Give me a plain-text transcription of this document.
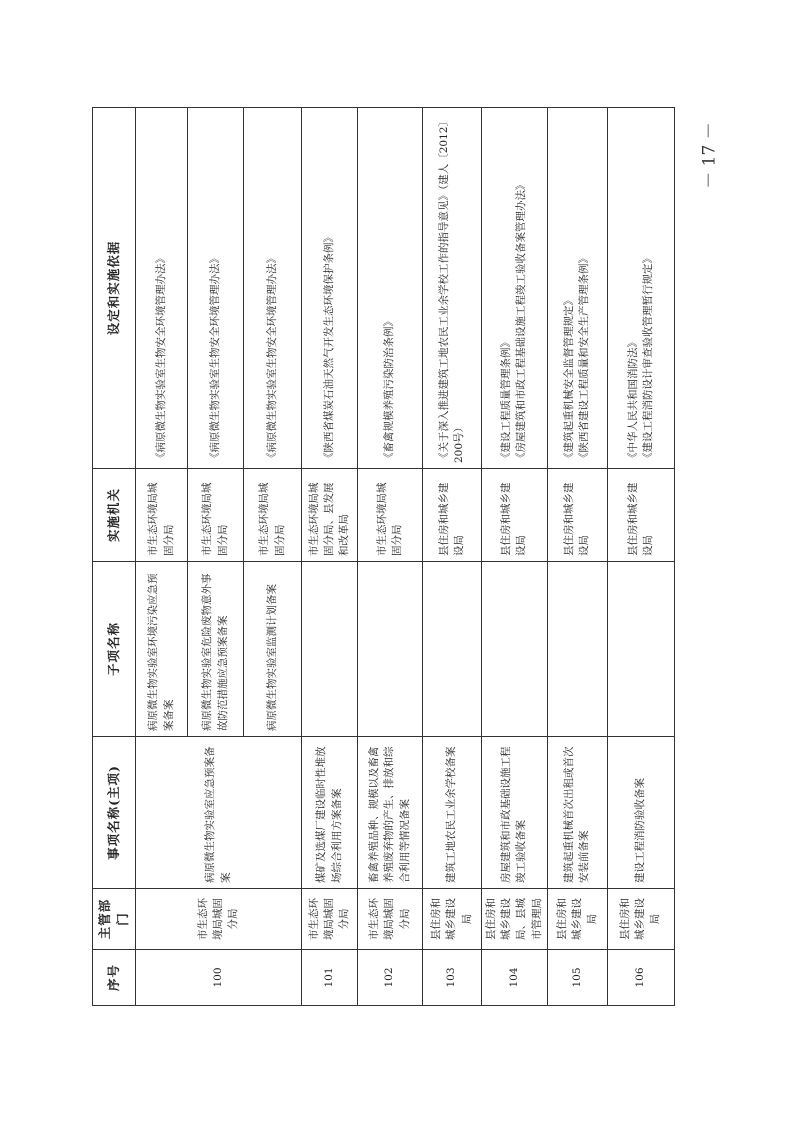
序号	主管部门	事项名称(主项)	子项名称	实施机关	设定和实施依据
100	市生态环境局城固分局	病原微生物实验室应急预案备案	病原微生物实验室环境污染应急预案备案	市生态环境局城固分局	《病原微生物实验室生物安全环境管理办法》

			病原微生物实验室危险废物意外事故防范措施应急预案备案	市生态环境局城固分局	《病原微生物实验室生物安全环境管理办法》

			病原微生物实验室监测计划备案	市生态环境局城固分局	《病原微生物实验室生物安全环境管理办法》

101	市生态环境局城固分局	煤矿及选煤厂建设临时性堆放场综合利用方案备案		市生态环境局城固分局、县发展和改革局	《陕西省煤炭石油天然气开发生态环境保护条例》

102	市生态环境局城固分局	畜禽养殖品种、规模以及畜禽养殖废弃物的产生、排放和综合利用等情况备案		市生态环境局城固分局	《畜禽规模养殖污染防治条例》

103	县住房和城乡建设局	建筑工地农民工业余学校备案		县住房和城乡建设局	《关于深入推进建筑工地农民工业余学校工作的指导意见》（建人〔2012〕200号）

104	县住房和城乡建设局、县城市管理局	房屋建筑和市政基础设施工程竣工验收备案		县住房和城乡建设局	《建设工程质量管理条例》 《房屋建筑和市政工程基础设施工程竣工验收备案管理办法》

105	县住房和城乡建设局	建筑起重机械首次出租或首次安装前备案		县住房和城乡建设局	《建筑起重机械安全监督管理规定》 《陕西省建设工程质量和安全生产管理条例》

106	县住房和城乡建设局	建设工程消防验收备案		县住房和城乡建设局	《中华人民共和国消防法》 《建设工程消防设计审查验收管理暂行规定》
－ 17 －
